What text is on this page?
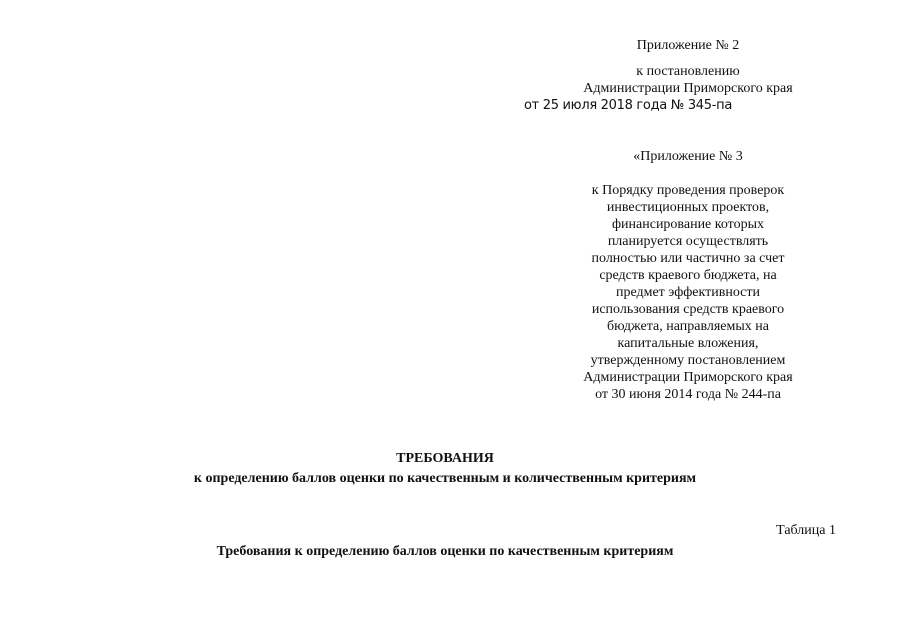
Приложение № 2
к постановлению
Администрации Приморского края
от 25 июля 2018 года № 345-па
«Приложение № 3
к Порядку проведения проверок
инвестиционных проектов,
финансирование которых
планируется осуществлять
полностью или частично за счет
средств краевого бюджета, на
предмет эффективности
использования средств краевого
бюджета, направляемых на
капитальные вложения,
утвержденному постановлением
Администрации Приморского края
от 30 июня 2014 года № 244-па
ТРЕБОВАНИЯ
к определению баллов оценки по качественным и количественным критериям
Таблица 1
Требования к определению баллов оценки по качественным критериям
